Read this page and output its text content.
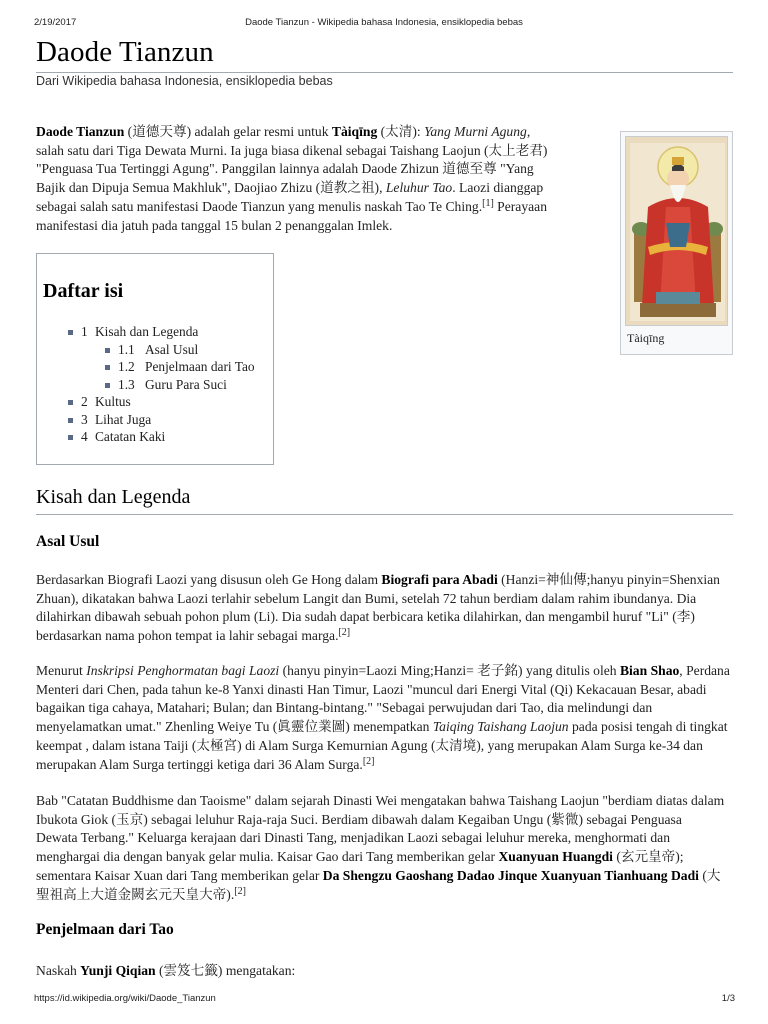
2/19/2017	Daode Tianzun - Wikipedia bahasa Indonesia, ensiklopedia bebas
Daode Tianzun
Dari Wikipedia bahasa Indonesia, ensiklopedia bebas

Daode Tianzun (道德天尊) adalah gelar resmi untuk Tàiqīng (太清): Yang Murni Agung, salah satu dari Tiga Dewata Murni. Ia juga biasa dikenal sebagai Taishang Laojun (太上老君) "Penguasa Tua Tertinggi Agung". Panggilan lainnya adalah Daode Zhizun 道德至尊 "Yang Bajik dan Dipuja Semua Makhluk", Daojiao Zhizu (道教之祖), Leluhur Tao. Laozi dianggap sebagai salah satu manifestasi Daode Tianzun yang menulis naskah Tao Te Ching.[1] Perayaan manifestasi dia jatuh pada tanggal 15 bulan 2 penanggalan Imlek.

Tàiqīng
Daftar isi
1 Kisah dan Legenda
1.1 Asal Usul
1.2 Penjelmaan dari Tao
1.3 Guru Para Suci
2 Kultus
3 Lihat Juga
4 Catatan Kaki
Kisah dan Legenda
Asal Usul

Berdasarkan Biografi Laozi yang disusun oleh Ge Hong dalam Biografi para Abadi (Hanzi=神仙傳;hanyu pinyin=Shenxian Zhuan), dikatakan bahwa Laozi terlahir sebelum Langit dan Bumi, setelah 72 tahun berdiam dalam rahim ibundanya. Dia dilahirkan dibawah sebuah pohon plum (Li). Dia sudah dapat berbicara ketika dilahirkan, dan mengambil huruf "Li" (李) berdasarkan nama pohon tempat ia lahir sebagai marga.[2]

Menurut Inskripsi Penghormatan bagi Laozi (hanyu pinyin=Laozi Ming;Hanzi= 老子銘) yang ditulis oleh Bian Shao, Perdana Menteri dari Chen, pada tahun ke-8 Yanxi dinasti Han Timur, Laozi "muncul dari Energi Vital (Qi) Kekacauan Besar, abadi bagaikan tiga cahaya, Matahari; Bulan; dan Bintang-bintang." "Sebagai perwujudan dari Tao, dia melindungi dan menyelamatkan umat." Zhenling Weiye Tu (眞靈位業圖) menempatkan Taiqing Taishang Laojun pada posisi tengah di tingkat keempat , dalam istana Taiji (太極宮) di Alam Surga Kemurnian Agung (太清境), yang merupakan Alam Surga ke-34 dan merupakan Alam Surga tertinggi ketiga dari 36 Alam Surga.[2]

Bab "Catatan Buddhisme dan Taoisme" dalam sejarah Dinasti Wei mengatakan bahwa Taishang Laojun "berdiam diatas dalam Ibukota Giok (玉京) sebagai leluhur Raja-raja Suci. Berdiam dibawah dalam Kegaiban Ungu (紫微) sebagai Penguasa Dewata Terbang." Keluarga kerajaan dari Dinasti Tang, menjadikan Laozi sebagai leluhur mereka, menghormati dan menghargai dia dengan banyak gelar mulia. Kaisar Gao dari Tang memberikan gelar Xuanyuan Huangdi (玄元皇帝); sementara Kaisar Xuan dari Tang memberikan gelar Da Shengzu Gaoshang Dadao Jinque Xuanyuan Tianhuang Dadi (大聖祖高上大道金闕玄元天皇大帝).[2]

Penjelmaan dari Tao

Naskah Yunji Qiqian (雲笈七籤) mengatakan:

https://id.wikipedia.org/wiki/Daode_Tianzun	1/3
